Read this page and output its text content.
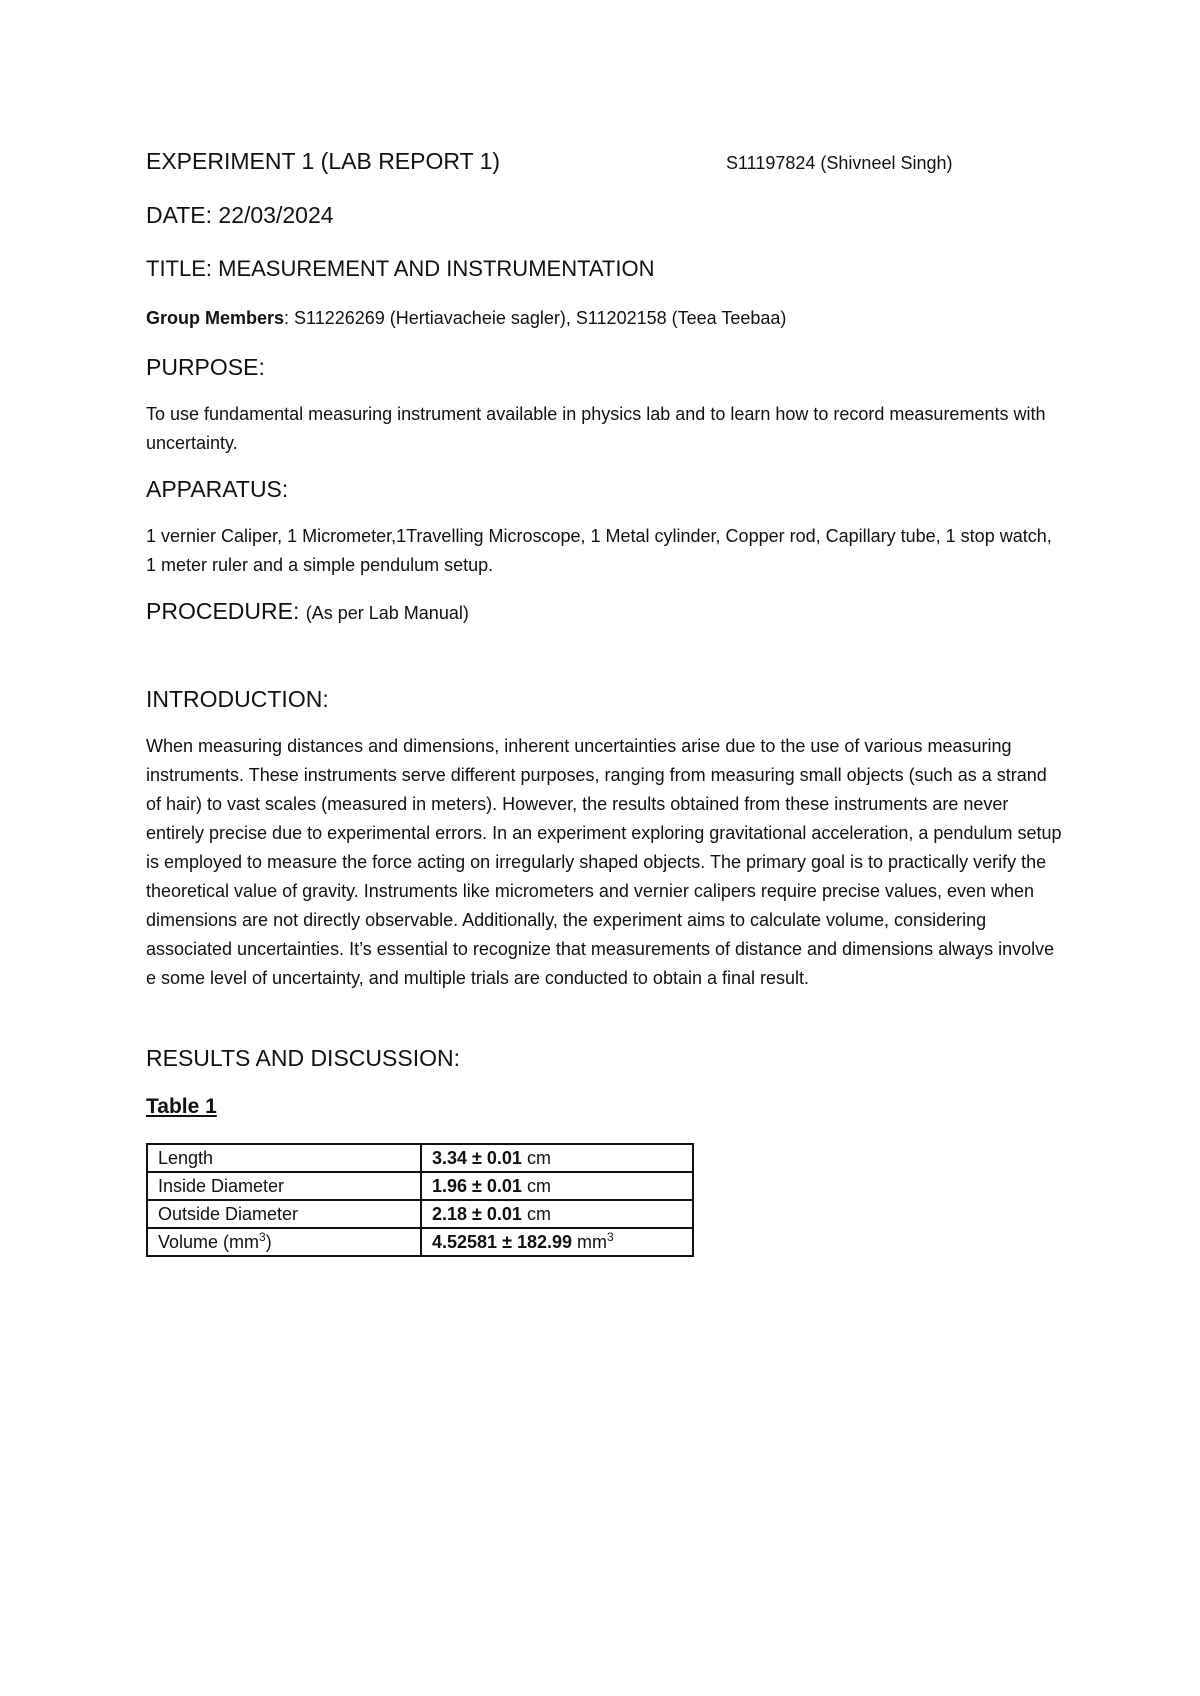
EXPERIMENT 1 (LAB REPORT 1)	S11197824 (Shivneel Singh)
DATE: 22/03/2024
TITLE: MEASUREMENT AND INSTRUMENTATION
Group Members: S11226269 (Hertiavacheie sagler), S11202158 (Teea Teebaa)
PURPOSE:
To use fundamental measuring instrument available in physics lab and to learn how to record measurements with uncertainty.
APPARATUS:
1 vernier Caliper, 1 Micrometer,1Travelling Microscope, 1 Metal cylinder, Copper rod, Capillary tube, 1 stop watch, 1 meter ruler and a simple pendulum setup.
PROCEDURE: (As per Lab Manual)
INTRODUCTION:
When measuring distances and dimensions, inherent uncertainties arise due to the use of various measuring instruments. These instruments serve different purposes, ranging from measuring small objects (such as a strand of hair) to vast scales (measured in meters). However, the results obtained from these instruments are never entirely precise due to experimental errors. In an experiment exploring gravitational acceleration, a pendulum setup is employed to measure the force acting on irregularly shaped objects. The primary goal is to practically verify the theoretical value of gravity. Instruments like micrometers and vernier calipers require precise values, even when dimensions are not directly observable. Additionally, the experiment aims to calculate volume, considering associated uncertainties. It’s essential to recognize that measurements of distance and dimensions always involve e some level of uncertainty, and multiple trials are conducted to obtain a final result.
RESULTS AND DISCUSSION:
Table 1
Length	3.34 ± 0.01 cm
Inside Diameter	1.96 ± 0.01 cm
Outside Diameter	2.18 ± 0.01 cm
Volume $(mm^3)$	4.52581 ± 182.99 $mm^3$
